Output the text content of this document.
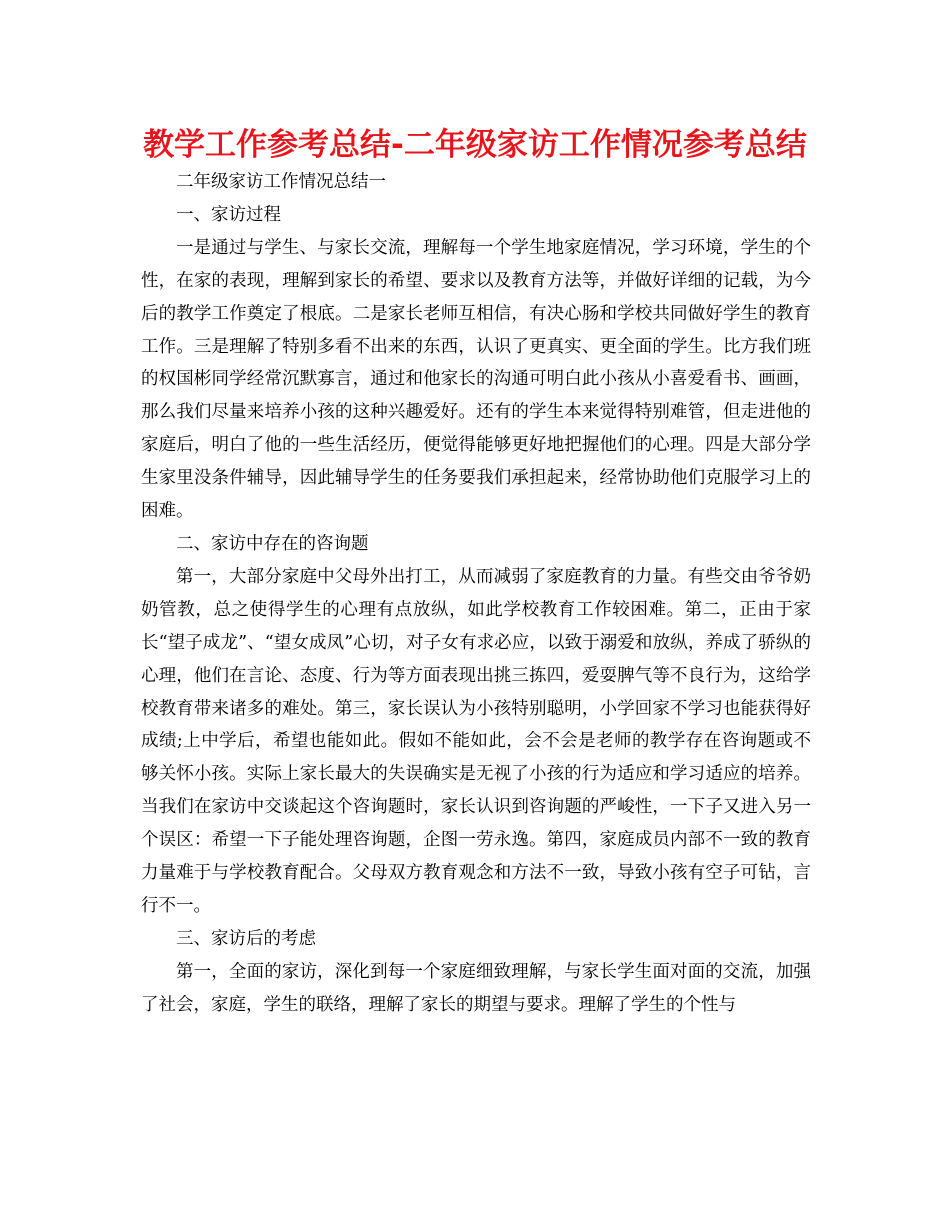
教学工作参考总结-二年级家访工作情况参考总结

二年级家访工作情况总结一

一、家访过程

一是通过与学生、与家长交流，理解每一个学生地家庭情况，学习环境，学生的个性，在家的表现，理解到家长的希望、要求以及教育方法等，并做好详细的记载，为今后的教学工作奠定了根底。二是家长老师互相信，有决心肠和学校共同做好学生的教育工作。三是理解了特别多看不出来的东西，认识了更真实、更全面的学生。比方我们班的权国彬同学经常沉默寡言，通过和他家长的沟通可明白此小孩从小喜爱看书、画画，那么我们尽量来培养小孩的这种兴趣爱好。还有的学生本来觉得特别难管，但走进他的家庭后，明白了他的一些生活经历，便觉得能够更好地把握他们的心理。四是大部分学生家里没条件辅导，因此辅导学生的任务要我们承担起来，经常协助他们克服学习上的困难。

二、家访中存在的咨询题

第一，大部分家庭中父母外出打工，从而减弱了家庭教育的力量。有些交由爷爷奶奶管教，总之使得学生的心理有点放纵，如此学校教育工作较困难。第二，正由于家长“望子成龙”、“望女成凤”心切，对子女有求必应，以致于溺爱和放纵，养成了骄纵的心理，他们在言论、态度、行为等方面表现出挑三拣四，爱耍脾气等不良行为，这给学校教育带来诸多的难处。第三，家长误认为小孩特别聪明，小学回家不学习也能获得好成绩;上中学后，希望也能如此。假如不能如此，会不会是老师的教学存在咨询题或不够关怀小孩。实际上家长最大的失误确实是无视了小孩的行为适应和学习适应的培养。当我们在家访中交谈起这个咨询题时，家长认识到咨询题的严峻性，一下子又进入另一个误区：希望一下子能处理咨询题，企图一劳永逸。第四，家庭成员内部不一致的教育力量难于与学校教育配合。父母双方教育观念和方法不一致，导致小孩有空子可钻，言行不一。

三、家访后的考虑

第一，全面的家访，深化到每一个家庭细致理解，与家长学生面对面的交流，加强了社会，家庭，学生的联络，理解了家长的期望与要求。理解了学生的个性与
